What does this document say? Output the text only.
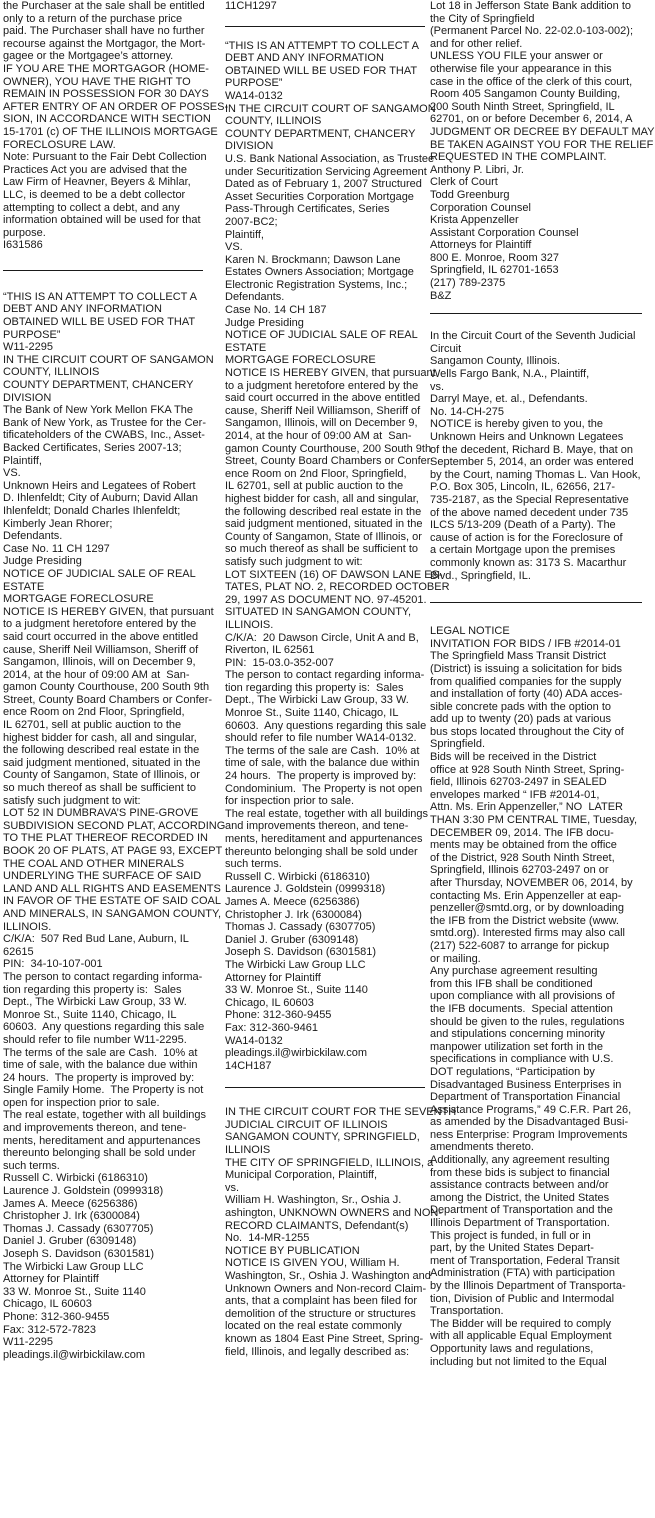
the Purchaser at the sale shall be entitled
only to a return of the purchase price
paid. The Purchaser shall have no further
recourse against the Mortgagor, the Mort-
gagee or the Mortgagee’s attorney.
IF YOU ARE THE MORTGAGOR (HOME-
OWNER), YOU HAVE THE RIGHT TO
REMAIN IN POSSESSION FOR 30 DAYS
AFTER ENTRY OF AN ORDER OF POSSES-
SION, IN ACCORDANCE WITH SECTION
15-1701 (c) OF THE ILLINOIS MORTGAGE
FORECLOSURE LAW.
Note: Pursuant to the Fair Debt Collection
Practices Act you are advised that the
Law Firm of Heavner, Beyers & Mihlar,
LLC, is deemed to be a debt collector
attempting to collect a debt, and any
information obtained will be used for that
purpose.
I631586
“THIS IS AN ATTEMPT TO COLLECT A
DEBT AND ANY INFORMATION
OBTAINED WILL BE USED FOR THAT
PURPOSE”
W11-2295
IN THE CIRCUIT COURT OF SANGAMON
COUNTY, ILLINOIS
COUNTY DEPARTMENT, CHANCERY
DIVISION
The Bank of New York Mellon FKA The
Bank of New York, as Trustee for the Cer-
tificateholders of the CWABS, Inc., Asset-
Backed Certificates, Series 2007-13;
Plaintiff,
VS.
Unknown Heirs and Legatees of Robert
D. Ihlenfeldt; City of Auburn; David Allan
Ihlenfeldt; Donald Charles Ihlenfeldt;
Kimberly Jean Rhorer;
Defendants.
Case No. 11 CH 1297
Judge Presiding
NOTICE OF JUDICIAL SALE OF REAL
ESTATE
MORTGAGE FORECLOSURE
NOTICE IS HEREBY GIVEN, that pursuant
to a judgment heretofore entered by the
said court occurred in the above entitled
cause, Sheriff Neil Williamson, Sheriff of
Sangamon, Illinois, will on December 9,
2014, at the hour of 09:00 AM at  San-
gamon County Courthouse, 200 South 9th
Street, County Board Chambers or Confer-
ence Room on 2nd Floor, Springfield,
IL 62701, sell at public auction to the
highest bidder for cash, all and singular,
the following described real estate in the
said judgment mentioned, situated in the
County of Sangamon, State of Illinois, or
so much thereof as shall be sufficient to
satisfy such judgment to wit:
LOT 52 IN DUMBRAVA’S PINE-GROVE
SUBDIVISION SECOND PLAT, ACCORDING
TO THE PLAT THEREOF RECORDED IN
BOOK 20 OF PLATS, AT PAGE 93, EXCEPT
THE COAL AND OTHER MINERALS
UNDERLYING THE SURFACE OF SAID
LAND AND ALL RIGHTS AND EASEMENTS
IN FAVOR OF THE ESTATE OF SAID COAL
AND MINERALS, IN SANGAMON COUNTY,
ILLINOIS.
C/K/A:  507 Red Bud Lane, Auburn, IL
62615
PIN:  34-10-107-001
The person to contact regarding informa-
tion regarding this property is:  Sales
Dept., The Wirbicki Law Group, 33 W.
Monroe St., Suite 1140, Chicago, IL
60603.  Any questions regarding this sale
should refer to file number W11-2295.
The terms of the sale are Cash.  10% at
time of sale, with the balance due within
24 hours.  The property is improved by:
Single Family Home.  The Property is not
open for inspection prior to sale.
The real estate, together with all buildings
and improvements thereon, and tene-
ments, hereditament and appurtenances
thereunto belonging shall be sold under
such terms.
Russell C. Wirbicki (6186310)
Laurence J. Goldstein (0999318)
James A. Meece (6256386)
Christopher J. Irk (6300084)
Thomas J. Cassady (6307705)
Daniel J. Gruber (6309148)
Joseph S. Davidson (6301581)
The Wirbicki Law Group LLC
Attorney for Plaintiff
33 W. Monroe St., Suite 1140
Chicago, IL 60603
Phone: 312-360-9455
Fax: 312-572-7823
W11-2295
pleadings.il@wirbickilaw.com
11CH1297
“THIS IS AN ATTEMPT TO COLLECT A
DEBT AND ANY INFORMATION
OBTAINED WILL BE USED FOR THAT
PURPOSE”
WA14-0132
IN THE CIRCUIT COURT OF SANGAMON
COUNTY, ILLINOIS
COUNTY DEPARTMENT, CHANCERY
DIVISION
U.S. Bank National Association, as Trustee
under Securitization Servicing Agreement
Dated as of February 1, 2007 Structured
Asset Securities Corporation Mortgage
Pass-Through Certificates, Series
2007-BC2;
Plaintiff,
VS.
Karen N. Brockmann; Dawson Lane
Estates Owners Association; Mortgage
Electronic Registration Systems, Inc.;
Defendants.
Case No. 14 CH 187
Judge Presiding
NOTICE OF JUDICIAL SALE OF REAL
ESTATE
MORTGAGE FORECLOSURE
NOTICE IS HEREBY GIVEN, that pursuant
to a judgment heretofore entered by the
said court occurred in the above entitled
cause, Sheriff Neil Williamson, Sheriff of
Sangamon, Illinois, will on December 9,
2014, at the hour of 09:00 AM at  San-
gamon County Courthouse, 200 South 9th
Street, County Board Chambers or Confer-
ence Room on 2nd Floor, Springfield,
IL 62701, sell at public auction to the
highest bidder for cash, all and singular,
the following described real estate in the
said judgment mentioned, situated in the
County of Sangamon, State of Illinois, or
so much thereof as shall be sufficient to
satisfy such judgment to wit:
LOT SIXTEEN (16) OF DAWSON LANE ES-
TATES, PLAT NO. 2, RECORDED OCTOBER
29, 1997 AS DOCUMENT NO. 97-45201.
SITUATED IN SANGAMON COUNTY,
ILLINOIS.
C/K/A:  20 Dawson Circle, Unit A and B,
Riverton, IL 62561
PIN:  15-03.0-352-007
The person to contact regarding informa-
tion regarding this property is:  Sales
Dept., The Wirbicki Law Group, 33 W.
Monroe St., Suite 1140, Chicago, IL
60603.  Any questions regarding this sale
should refer to file number WA14-0132.
The terms of the sale are Cash.  10% at
time of sale, with the balance due within
24 hours.  The property is improved by:
Condominium.  The Property is not open
for inspection prior to sale.
The real estate, together with all buildings
and improvements thereon, and tene-
ments, hereditament and appurtenances
thereunto belonging shall be sold under
such terms.
Russell C. Wirbicki (6186310)
Laurence J. Goldstein (0999318)
James A. Meece (6256386)
Christopher J. Irk (6300084)
Thomas J. Cassady (6307705)
Daniel J. Gruber (6309148)
Joseph S. Davidson (6301581)
The Wirbicki Law Group LLC
Attorney for Plaintiff
33 W. Monroe St., Suite 1140
Chicago, IL 60603
Phone: 312-360-9455
Fax: 312-360-9461
WA14-0132
pleadings.il@wirbickilaw.com
14CH187
IN THE CIRCUIT COURT FOR THE SEVENTH
JUDICIAL CIRCUIT OF ILLINOIS
SANGAMON COUNTY, SPRINGFIELD,
ILLINOIS
THE CITY OF SPRINGFIELD, ILLINOIS, a
Municipal Corporation, Plaintiff,
vs.
William H. Washington, Sr., Oshia J.
ashington, UNKNOWN OWNERS and NON-
RECORD CLAIMANTS, Defendant(s)
No.  14-MR-1255
NOTICE BY PUBLICATION
NOTICE IS GIVEN YOU, William H.
Washington, Sr., Oshia J. Washington and
Unknown Owners and Non-record Claim-
ants, that a complaint has been filed for
demolition of the structure or structures
located on the real estate commonly
known as 1804 East Pine Street, Spring-
field, Illinois, and legally described as:
Lot 18 in Jefferson State Bank addition to
the City of Springfield
(Permanent Parcel No. 22-02.0-103-002);
and for other relief.
UNLESS YOU FILE your answer or
otherwise file your appearance in this
case in the office of the clerk of this court,
Room 405 Sangamon County Building,
200 South Ninth Street, Springfield, IL
62701, on or before December 6, 2014, A
JUDGMENT OR DECREE BY DEFAULT MAY
BE TAKEN AGAINST YOU FOR THE RELIEF
REQUESTED IN THE COMPLAINT.
Anthony P. Libri, Jr.
Clerk of Court
Todd Greenburg
Corporation Counsel
Krista Appenzeller
Assistant Corporation Counsel
Attorneys for Plaintiff
800 E. Monroe, Room 327
Springfield, IL 62701-1653
(217) 789-2375
B&Z
In the Circuit Court of the Seventh Judicial
Circuit
Sangamon County, Illinois.
Wells Fargo Bank, N.A., Plaintiff,
vs.
Darryl Maye, et. al., Defendants.
No. 14-CH-275
NOTICE is hereby given to you, the
Unknown Heirs and Unknown Legatees
of the decedent, Richard B. Maye, that on
September 5, 2014, an order was entered
by the Court, naming Thomas L. Van Hook,
P.O. Box 305, Lincoln, IL, 62656, 217-
735-2187, as the Special Representative
of the above named decedent under 735
ILCS 5/13-209 (Death of a Party). The
cause of action is for the Foreclosure of
a certain Mortgage upon the premises
commonly known as: 3173 S. Macarthur
Blvd., Springfield, IL.
LEGAL NOTICE
INVITATION FOR BIDS / IFB #2014-01
The Springfield Mass Transit District
(District) is issuing a solicitation for bids
from qualified companies for the supply
and installation of forty (40) ADA acces-
sible concrete pads with the option to
add up to twenty (20) pads at various
bus stops located throughout the City of
Springfield.
Bids will be received in the District
office at 928 South Ninth Street, Spring-
field, Illinois 62703-2497 in SEALED
envelopes marked “ IFB #2014-01,
Attn. Ms. Erin Appenzeller,” NO  LATER
THAN 3:30 PM CENTRAL TIME, Tuesday,
DECEMBER 09, 2014. The IFB docu-
ments may be obtained from the office
of the District, 928 South Ninth Street,
Springfield, Illinois 62703-2497 on or
after Thursday, NOVEMBER 06, 2014, by
contacting Ms. Erin Appenzeller at eap-
penzeller@smtd.org, or by downloading
the IFB from the District website (www.
smtd.org). Interested firms may also call
(217) 522-6087 to arrange for pickup
or mailing.
Any purchase agreement resulting
from this IFB shall be conditioned
upon compliance with all provisions of
the IFB documents.  Special attention
should be given to the rules, regulations
and stipulations concerning minority
manpower utilization set forth in the
specifications in compliance with U.S.
DOT regulations, “Participation by
Disadvantaged Business Enterprises in
Department of Transportation Financial
Assistance Programs,” 49 C.F.R. Part 26,
as amended by the Disadvantaged Busi-
ness Enterprise: Program Improvements
amendments thereto.
Additionally, any agreement resulting
from these bids is subject to financial
assistance contracts between and/or
among the District, the United States
Department of Transportation and the
Illinois Department of Transportation.
This project is funded, in full or in
part, by the United States Depart-
ment of Transportation, Federal Transit
Administration (FTA) with participation
by the Illinois Department of Transporta-
tion, Division of Public and Intermodal
Transportation.
The Bidder will be required to comply
with all applicable Equal Employment
Opportunity laws and regulations,
including but not limited to the Equal
